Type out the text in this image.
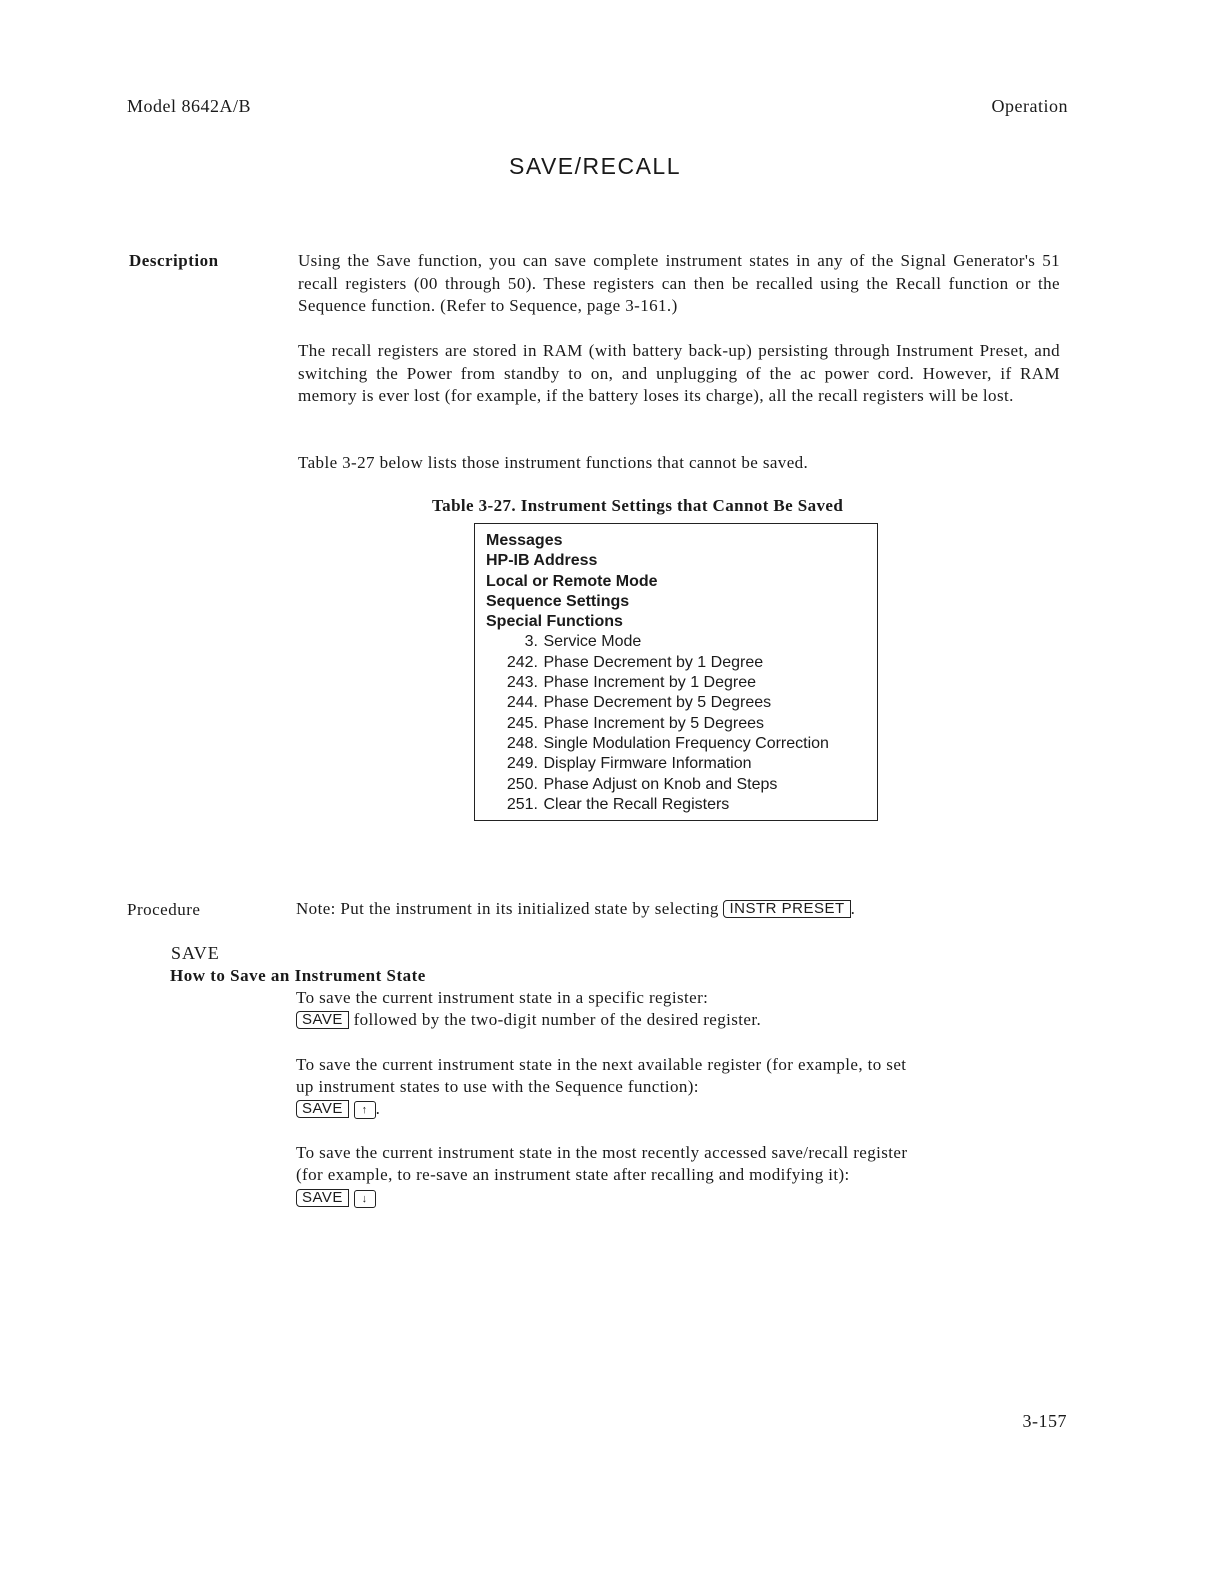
Model 8642A/B	Operation
SAVE/RECALL
Description	Using the Save function, you can save complete instrument states in any of the Signal Generator's 51 recall registers (00 through 50). These registers can then be recalled using the Recall function or the Sequence function. (Refer to Sequence, page 3-161.)
The recall registers are stored in RAM (with battery back-up) persisting through Instrument Preset, and switching the Power from standby to on, and unplugging of the ac power cord. However, if RAM memory is ever lost (for example, if the battery loses its charge), all the recall registers will be lost.
Table 3-27 below lists those instrument functions that cannot be saved.
Table 3-27. Instrument Settings that Cannot Be Saved
Messages
HP-IB Address
Local or Remote Mode
Sequence Settings
Special Functions
3. Service Mode
242. Phase Decrement by 1 Degree
243. Phase Increment by 1 Degree
244. Phase Decrement by 5 Degrees
245. Phase Increment by 5 Degrees
248. Single Modulation Frequency Correction
249. Display Firmware Information
250. Phase Adjust on Knob and Steps
251. Clear the Recall Registers
Procedure	Note: Put the instrument in its initialized state by selecting INSTR PRESET .
SAVE
How to Save an Instrument State
To save the current instrument state in a specific register:
SAVE followed by the two-digit number of the desired register.
To save the current instrument state in the next available register (for example, to set
up instrument states to use with the Sequence function):
SAVE ↑ .
To save the current instrument state in the most recently accessed save/recall register
(for example, to re-save an instrument state after recalling and modifying it):
SAVE ↓
3-157
